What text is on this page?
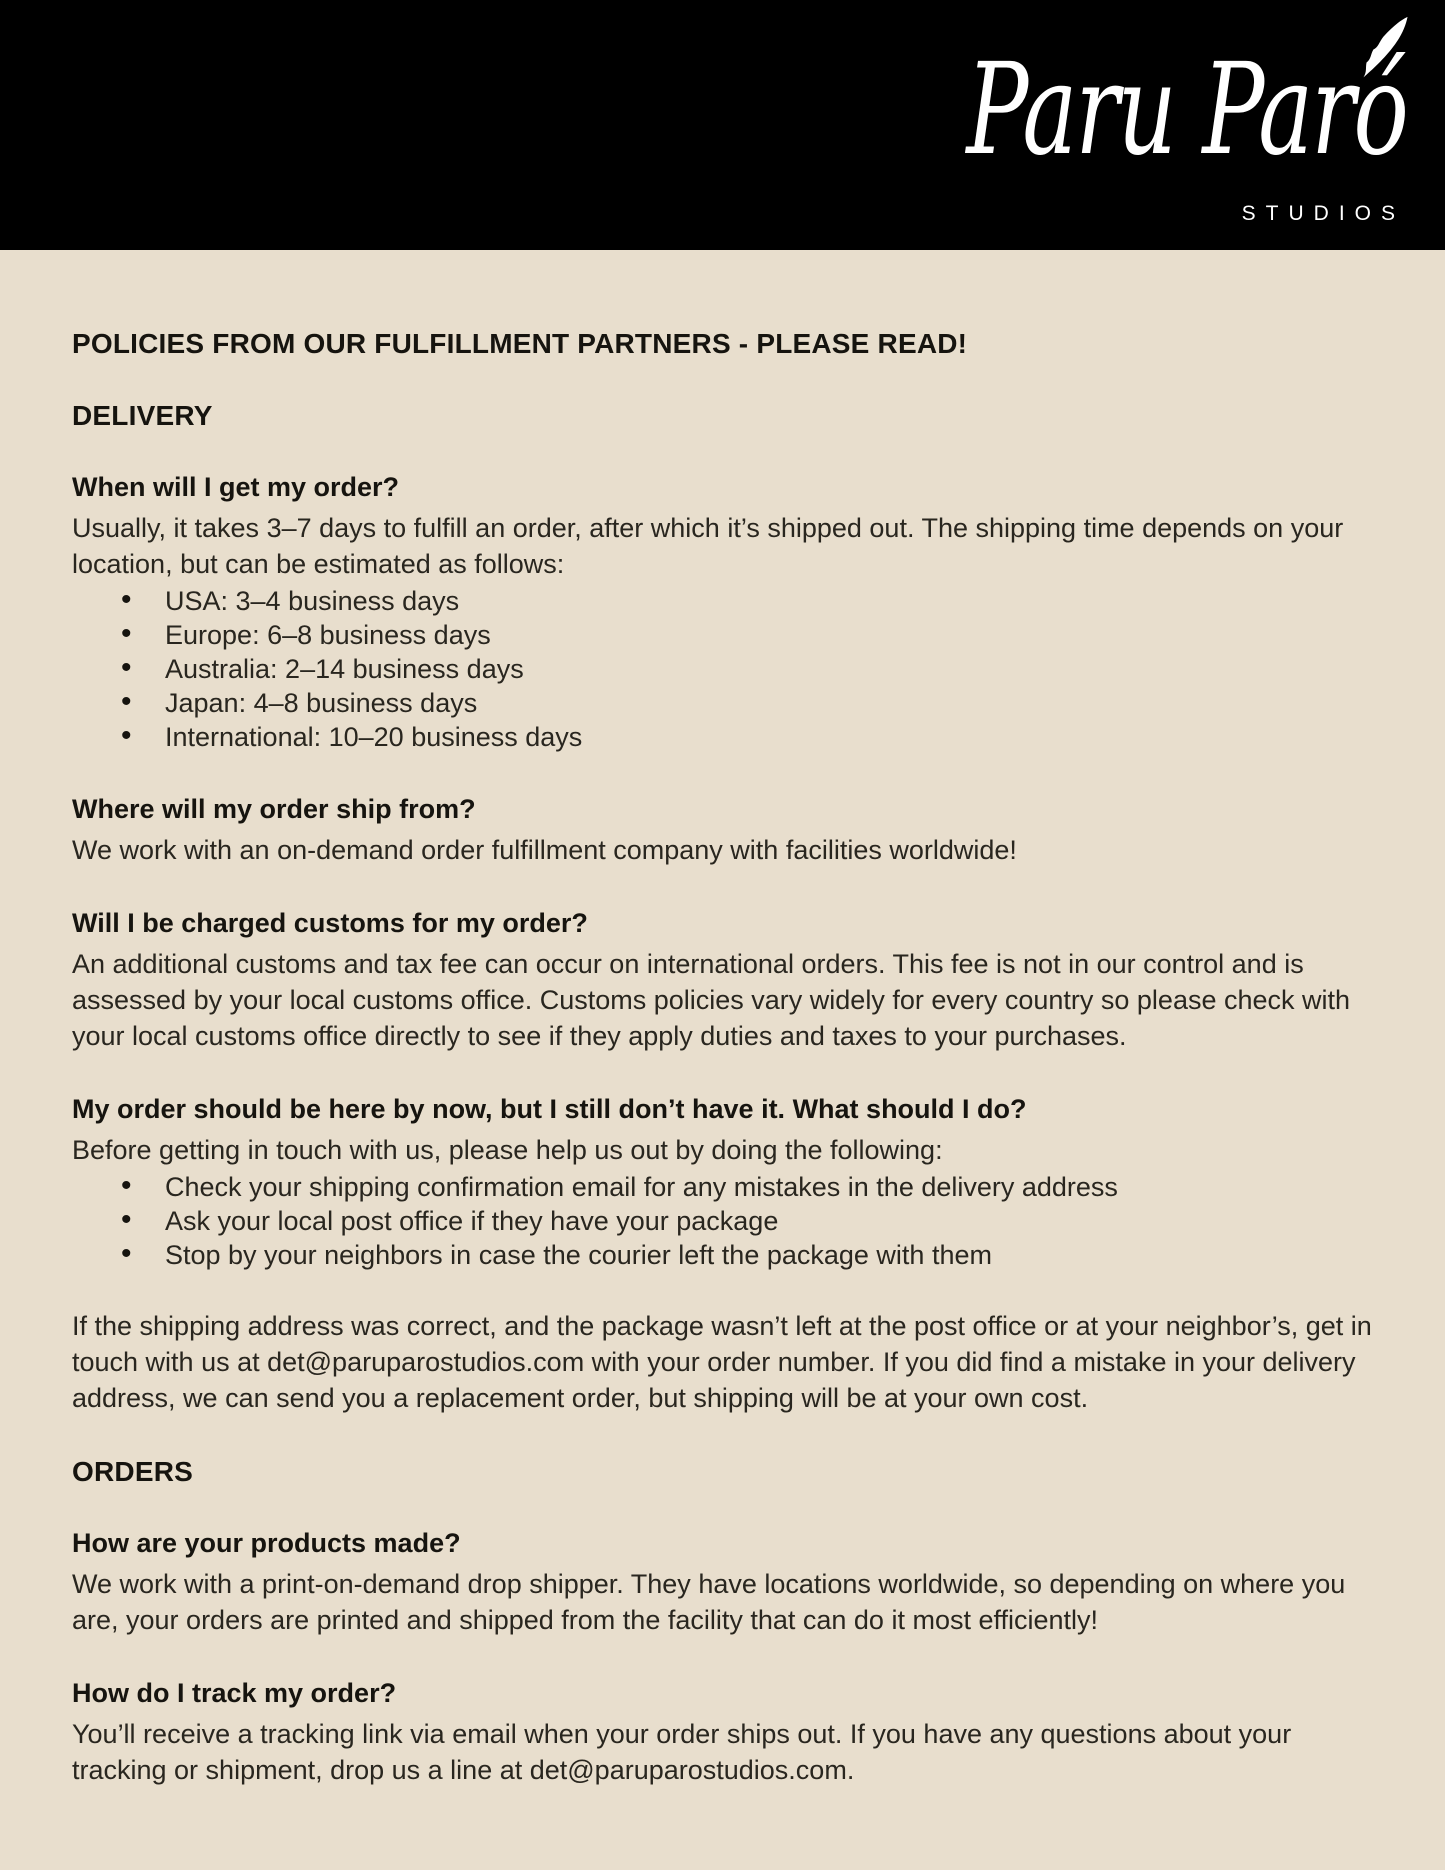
Paru Paró
STUDIOS
POLICIES FROM OUR FULFILLMENT PARTNERS - PLEASE READ!
DELIVERY
When will I get my order?

Usually, it takes 3–7 days to fulfill an order, after which it’s shipped out. The shipping time depends on your location, but can be estimated as follows:

• USA: 3–4 business days
• Europe: 6–8 business days
• Australia: 2–14 business days
• Japan: 4–8 business days
• International: 10–20 business days
Where will my order ship from?

We work with an on-demand order fulfillment company with facilities worldwide!

Will I be charged customs for my order?

An additional customs and tax fee can occur on international orders. This fee is not in our control and is assessed by your local customs office. Customs policies vary widely for every country so please check with your local customs office directly to see if they apply duties and taxes to your purchases.

My order should be here by now, but I still don’t have it. What should I do?

Before getting in touch with us, please help us out by doing the following:

• Check your shipping confirmation email for any mistakes in the delivery address
• Ask your local post office if they have your package
• Stop by your neighbors in case the courier left the package with them

If the shipping address was correct, and the package wasn’t left at the post office or at your neighbor’s, get in touch with us at det@paruparostudios.com with your order number. If you did find a mistake in your delivery address, we can send you a replacement order, but shipping will be at your own cost.

ORDERS
How are your products made?

We work with a print-on-demand drop shipper. They have locations worldwide, so depending on where you are, your orders are printed and shipped from the facility that can do it most efficiently!

How do I track my order?

You’ll receive a tracking link via email when your order ships out. If you have any questions about your tracking or shipment, drop us a line at det@paruparostudios.com.
